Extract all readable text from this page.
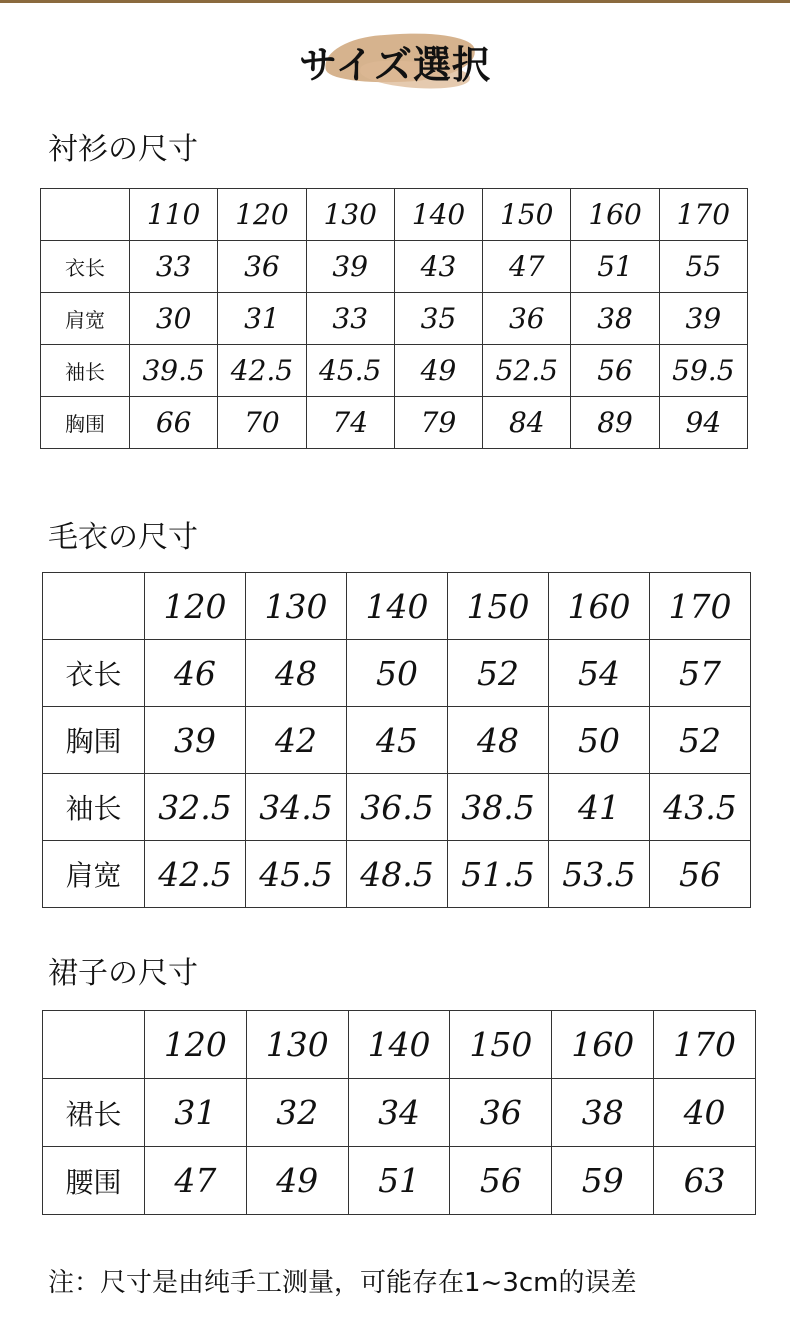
サイズ選択
衬衫の尺寸
	110	120	130	140	150	160	170
衣长	33	36	39	43	47	51	55
肩宽	30	31	33	35	36	38	39
袖长	39.5	42.5	45.5	49	52.5	56	59.5
胸围	66	70	74	79	84	89	94
毛衣の尺寸
	120	130	140	150	160	170
衣长	46	48	50	52	54	57
胸围	39	42	45	48	50	52
袖长	32.5	34.5	36.5	38.5	41	43.5
肩宽	42.5	45.5	48.5	51.5	53.5	56
裙子の尺寸
	120	130	140	150	160	170
裙长	31	32	34	36	38	40
腰围	47	49	51	56	59	63
注：尺寸是由纯手工测量，可能存在1~3cm的误差
